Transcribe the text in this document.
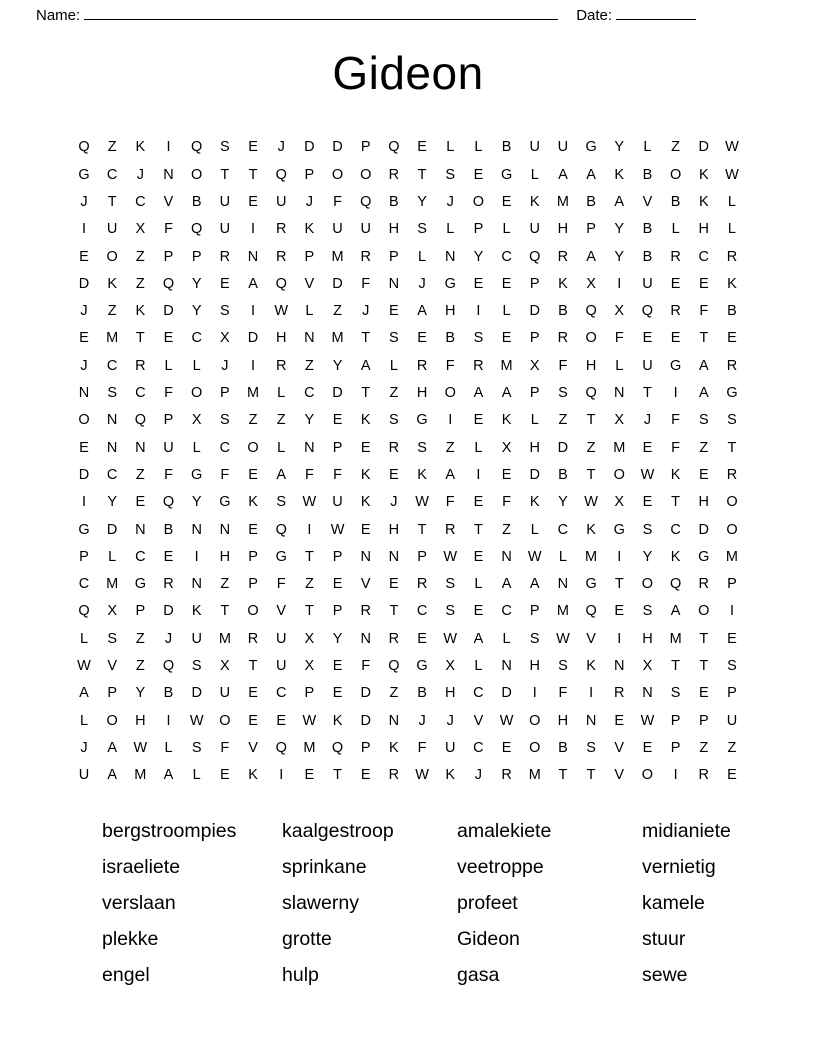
Name:	Date:
Gideon
Q	Z	K	I	Q	S	E	J	D	D	P	Q	E	L	L	B	U	U	G	Y	L	Z	D	W
G	C	J	N	O	T	T	Q	P	O	O	R	T	S	E	G	L	A	A	K	B	O	K	W
J	T	C	V	B	U	E	U	J	F	Q	B	Y	J	O	E	K	M	B	A	V	B	K	L
I	U	X	F	Q	U	I	R	K	U	U	H	S	L	P	L	U	H	P	Y	B	L	H	L
E	O	Z	P	P	R	N	R	P	M	R	P	L	N	Y	C	Q	R	A	Y	B	R	C	R
D	K	Z	Q	Y	E	A	Q	V	D	F	N	J	G	E	E	P	K	X	I	U	E	E	K
J	Z	K	D	Y	S	I	W	L	Z	J	E	A	H	I	L	D	B	Q	X	Q	R	F	B
E	M	T	E	C	X	D	H	N	M	T	S	E	B	S	E	P	R	O	F	E	E	T	E
J	C	R	L	L	J	I	R	Z	Y	A	L	R	F	R	M	X	F	H	L	U	G	A	R
N	S	C	F	O	P	M	L	C	D	T	Z	H	O	A	A	P	S	Q	N	T	I	A	G
O	N	Q	P	X	S	Z	Z	Y	E	K	S	G	I	E	K	L	Z	T	X	J	F	S	S
E	N	N	U	L	C	O	L	N	P	E	R	S	Z	L	X	H	D	Z	M	E	F	Z	T
D	C	Z	F	G	F	E	A	F	F	K	E	K	A	I	E	D	B	T	O	W	K	E	R
I	Y	E	Q	Y	G	K	S	W	U	K	J	W	F	E	F	K	Y	W	X	E	T	H	O
G	D	N	B	N	N	E	Q	I	W	E	H	T	R	T	Z	L	C	K	G	S	C	D	O
P	L	C	E	I	H	P	G	T	P	N	N	P	W	E	N	W	L	M	I	Y	K	G	M
C	M	G	R	N	Z	P	F	Z	E	V	E	R	S	L	A	A	N	G	T	O	Q	R	P
Q	X	P	D	K	T	O	V	T	P	R	T	C	S	E	C	P	M	Q	E	S	A	O	I
L	S	Z	J	U	M	R	U	X	Y	N	R	E	W	A	L	S	W	V	I	H	M	T	E
W	V	Z	Q	S	X	T	U	X	E	F	Q	G	X	L	N	H	S	K	N	X	T	T	S
A	P	Y	B	D	U	E	C	P	E	D	Z	B	H	C	D	I	F	I	R	N	S	E	P
L	O	H	I	W	O	E	E	W	K	D	N	J	J	V	W	O	H	N	E	W	P	P	U
J	A	W	L	S	F	V	Q	M	Q	P	K	F	U	C	E	O	B	S	V	E	P	Z	Z
U	A	M	A	L	E	K	I	E	T	E	R	W	K	J	R	M	T	T	V	O	I	R	E
bergstroompies	kaalgestroop	amalekiete	midianiete
israeliete	sprinkane	veetroppe	vernietig
verslaan	slawerny	profeet	kamele
plekke	grotte	Gideon	stuur
engel	hulp	gasa	sewe
